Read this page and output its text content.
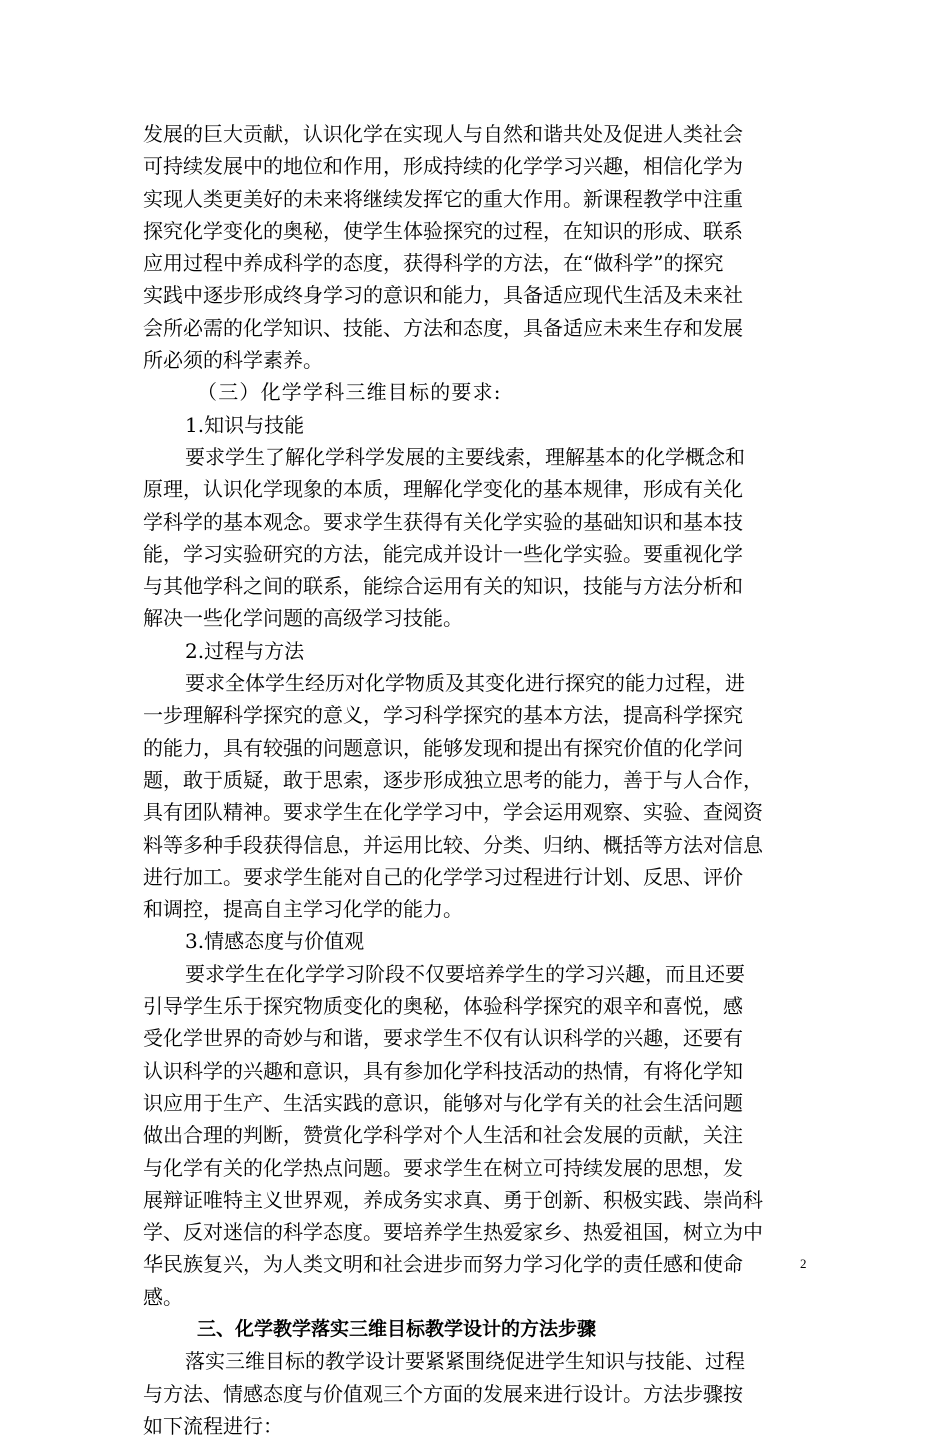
发展的巨大贡献，认识化学在实现人与自然和谐共处及促进人类社会
可持续发展中的地位和作用，形成持续的化学学习兴趣，相信化学为
实现人类更美好的未来将继续发挥它的重大作用。新课程教学中注重
探究化学变化的奥秘，使学生体验探究的过程，在知识的形成、联系
应用过程中养成科学的态度，获得科学的方法，在“做科学”的探究
实践中逐步形成终身学习的意识和能力，具备适应现代生活及未来社
会所必需的化学知识、技能、方法和态度，具备适应未来生存和发展
所必须的科学素养。
（三）化学学科三维目标的要求:
1.知识与技能
要求学生了解化学科学发展的主要线索，理解基本的化学概念和
原理，认识化学现象的本质，理解化学变化的基本规律，形成有关化
学科学的基本观念。要求学生获得有关化学实验的基础知识和基本技
能，学习实验研究的方法，能完成并设计一些化学实验。要重视化学
与其他学科之间的联系，能综合运用有关的知识，技能与方法分析和
解决一些化学问题的高级学习技能。
2.过程与方法
要求全体学生经历对化学物质及其变化进行探究的能力过程，进
一步理解科学探究的意义，学习科学探究的基本方法，提高科学探究
的能力，具有较强的问题意识，能够发现和提出有探究价值的化学问
题，敢于质疑，敢于思索，逐步形成独立思考的能力，善于与人合作，
具有团队精神。要求学生在化学学习中，学会运用观察、实验、查阅资
料等多种手段获得信息，并运用比较、分类、归纳、概括等方法对信息
进行加工。要求学生能对自己的化学学习过程进行计划、反思、评价
和调控，提高自主学习化学的能力。
3.情感态度与价值观
要求学生在化学学习阶段不仅要培养学生的学习兴趣，而且还要
引导学生乐于探究物质变化的奥秘，体验科学探究的艰辛和喜悦，感
受化学世界的奇妙与和谐，要求学生不仅有认识科学的兴趣，还要有
认识科学的兴趣和意识，具有参加化学科技活动的热情，有将化学知
识应用于生产、生活实践的意识，能够对与化学有关的社会生活问题
做出合理的判断，赞赏化学科学对个人生活和社会发展的贡献，关注
与化学有关的化学热点问题。要求学生在树立可持续发展的思想，发
展辩证唯特主义世界观，养成务实求真、勇于创新、积极实践、崇尚科
学、反对迷信的科学态度。要培养学生热爱家乡、热爱祖国，树立为中
华民族复兴，为人类文明和社会进步而努力学习化学的责任感和使命
感。
三、化学教学落实三维目标教学设计的方法步骤
落实三维目标的教学设计要紧紧围绕促进学生知识与技能、过程
与方法、情感态度与价值观三个方面的发展来进行设计。方法步骤按
如下流程进行：
2
